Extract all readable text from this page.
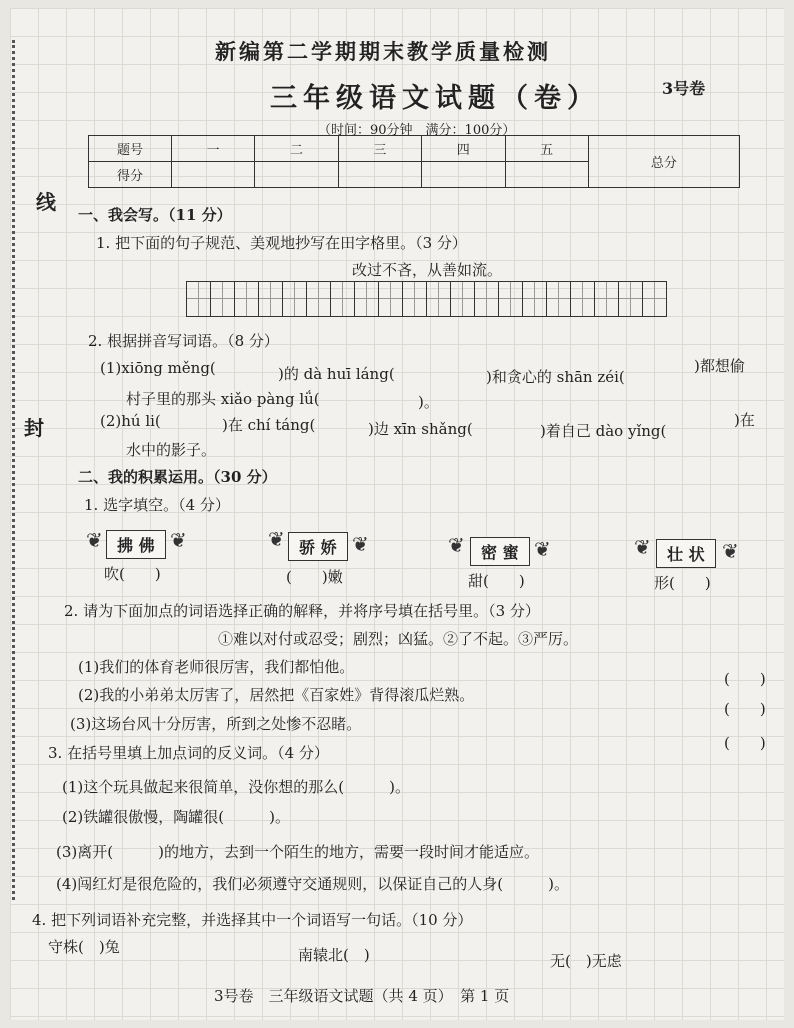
线
封
新编第二学期期末教学质量检测
三年级语文试题（卷）	3号卷
（时间：90分钟　满分：100分）
题号	一	二	三	四	五	总分
得分						
一、我会写。（11 分）
1. 把下面的句子规范、美观地抄写在田字格里。（3 分）
改过不吝，从善如流。
2. 根据拼音写词语。（8 分）
(1)xiōng měng(	)的 dà huī láng(	)和贪心的 shān zéi(
)都想偷
村子里的那头 xiǎo pàng lǘ(	)。
(2)hú li(	)在 chí táng(	)边 xīn shǎng(	)着自己 dào yǐng(
)在
水中的影子。
二、我的积累运用。（30 分）
1. 选字填空。（4 分）
❦ 拂 佛 ❦	❦ 骄 娇 ❦	❦	密 蜜 ❦	❦	壮 状 ❦
吹(　　)	(　　)嫩	甜(　　)	形(　　)
2. 请为下面加点的词语选择正确的解释，并将序号填在括号里。（3 分）
①难以对付或忍受；剧烈；凶猛。②了不起。③严厉。
(1)我们的体育老师很厉害，我们都怕他。
(2)我的小弟弟太厉害了，居然把《百家姓》背得滚瓜烂熟。
(3)这场台风十分厉害，所到之处惨不忍睹。
(　　)
(　　)
(　　)
3. 在括号里填上加点词的反义词。（4 分）
(1)这个玩具做起来很简单，没你想的那么(　　　)。
(2)铁罐很傲慢，陶罐很(　　　)。
(3)离开(　　　)的地方，去到一个陌生的地方，需要一段时间才能适应。
(4)闯红灯是很危险的，我们必须遵守交通规则，以保证自己的人身(　　　)。
4. 把下列词语补充完整，并选择其中一个词语写一句话。（10 分）
守株(　)兔	南辕北(　)	无(　)无虑
3号卷　三年级语文试题（共 4 页）　第 1 页
